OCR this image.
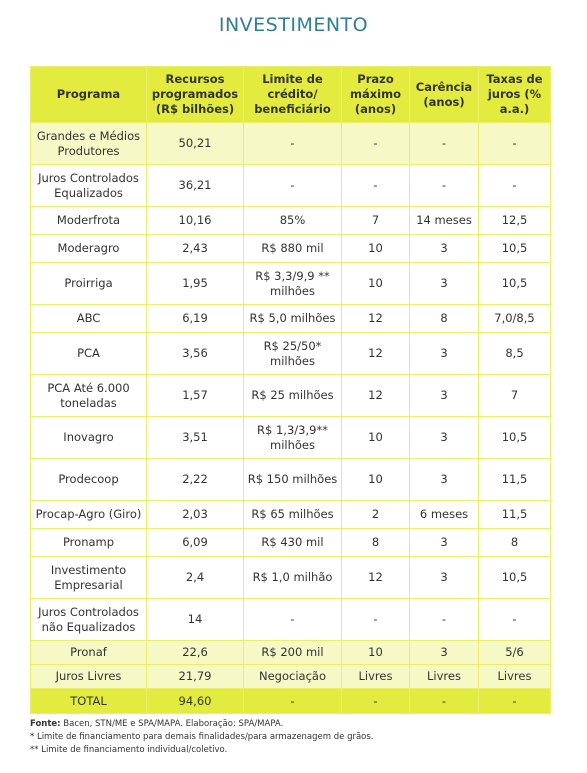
INVESTIMENTO
Programa	Recursos programados (R$ bilhões)	Limite de crédito/ beneficiário	Prazo máximo (anos)	Carência (anos)	Taxas de juros (% a.a.)
Grandes e Médios Produtores	50,21	-	-	-	-
Juros Controlados Equalizados	36,21	-	-	-	-
Moderfrota	10,16	85%	7	14 meses	12,5
Moderagro	2,43	R$ 880 mil	10	3	10,5
Proirriga	1,95	R$ 3,3/9,9 ** milhões	10	3	10,5
ABC	6,19	R$ 5,0 milhões	12	8	7,0/8,5
PCA	3,56	R$ 25/50* milhões	12	3	8,5
PCA Até 6.000 toneladas	1,57	R$ 25 milhões	12	3	7
Inovagro	3,51	R$ 1,3/3,9** milhões	10	3	10,5
Prodecoop	2,22	R$ 150 milhões	10	3	11,5
Procap-Agro (Giro)	2,03	R$ 65 milhões	2	6 meses	11,5
Pronamp	6,09	R$ 430 mil	8	3	8
Investimento Empresarial	2,4	R$ 1,0 milhão	12	3	10,5
Juros Controlados não Equalizados	14	-	-	-	-
Pronaf	22,6	R$ 200 mil	10	3	5/6
Juros Livres	21,79	Negociação	Livres	Livres	Livres
TOTAL	94,60	-	-	-	-
Fonte: Bacen, STN/ME e SPA/MAPA. Elaboração: SPA/MAPA.
* Limite de financiamento para demais finalidades/para armazenagem de grãos.
** Limite de financiamento individual/coletivo.
